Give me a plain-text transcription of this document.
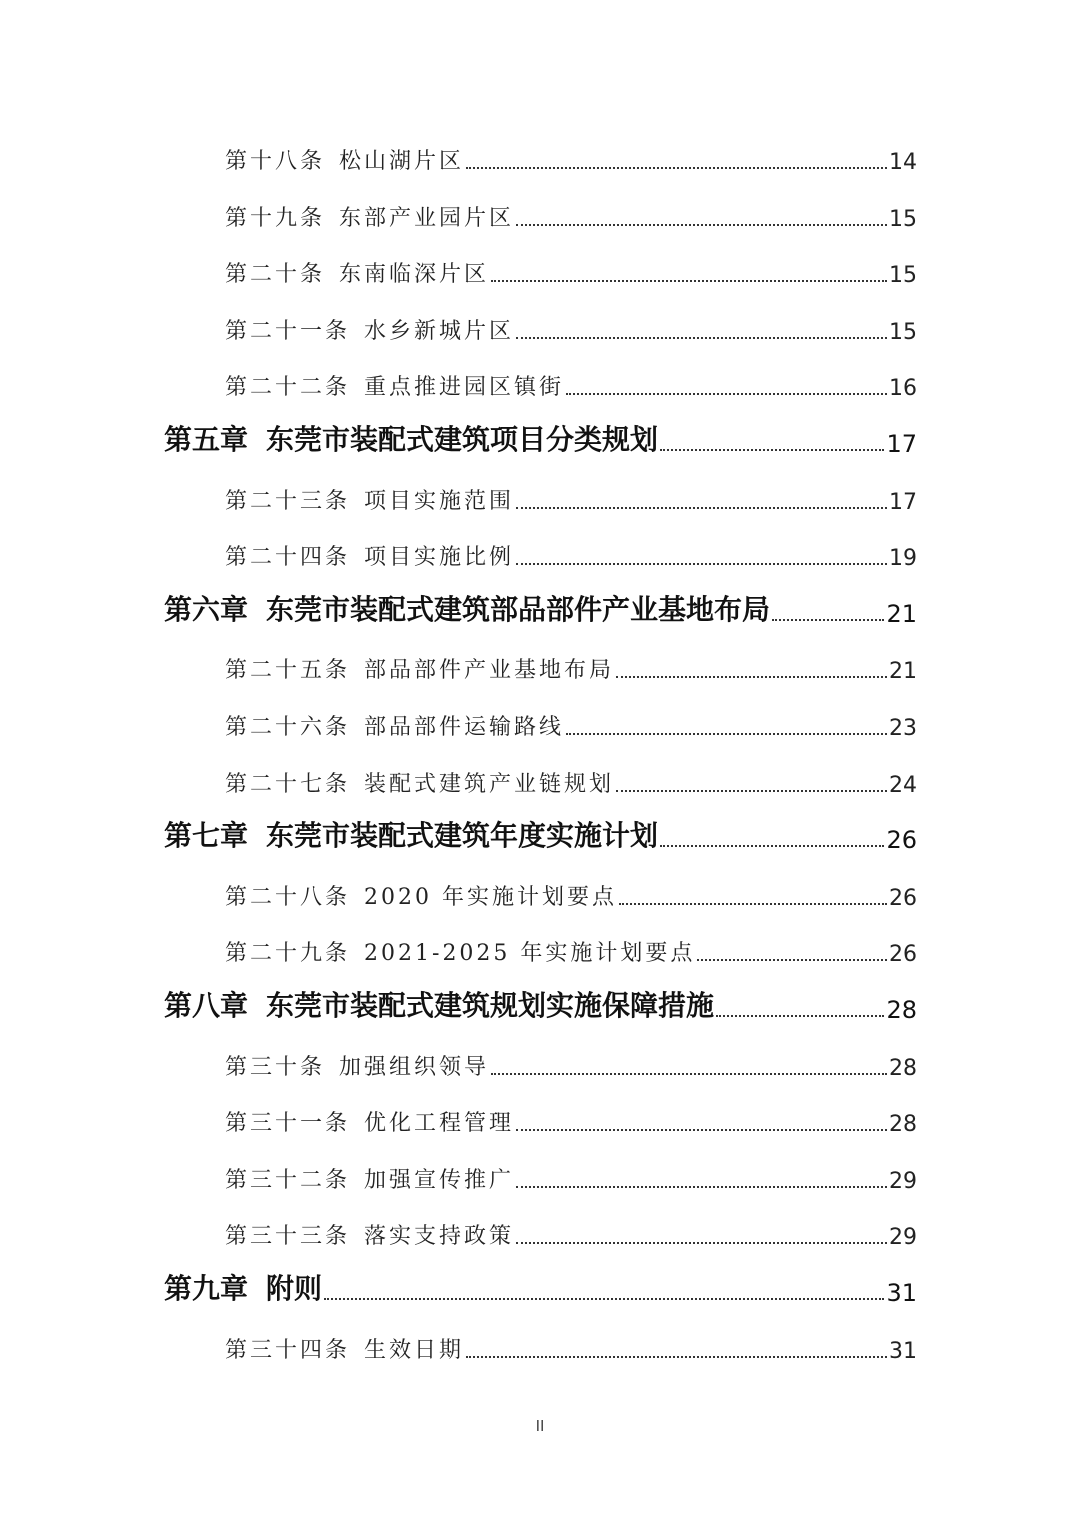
第十八条 松山湖片区	14
第十九条 东部产业园片区	15
第二十条 东南临深片区	15
第二十一条 水乡新城片区	15
第二十二条 重点推进园区镇街	16
第五章 东莞市装配式建筑项目分类规划	17
第二十三条 项目实施范围	17
第二十四条 项目实施比例	19
第六章 东莞市装配式建筑部品部件产业基地布局	21
第二十五条 部品部件产业基地布局	21
第二十六条 部品部件运输路线	23
第二十七条 装配式建筑产业链规划	24
第七章 东莞市装配式建筑年度实施计划	26
第二十八条 2020 年实施计划要点	26
第二十九条 2021-2025 年实施计划要点	26
第八章 东莞市装配式建筑规划实施保障措施	28
第三十条 加强组织领导	28
第三十一条 优化工程管理	28
第三十二条 加强宣传推广	29
第三十三条 落实支持政策	29
第九章 附则	31
第三十四条 生效日期	31
II
